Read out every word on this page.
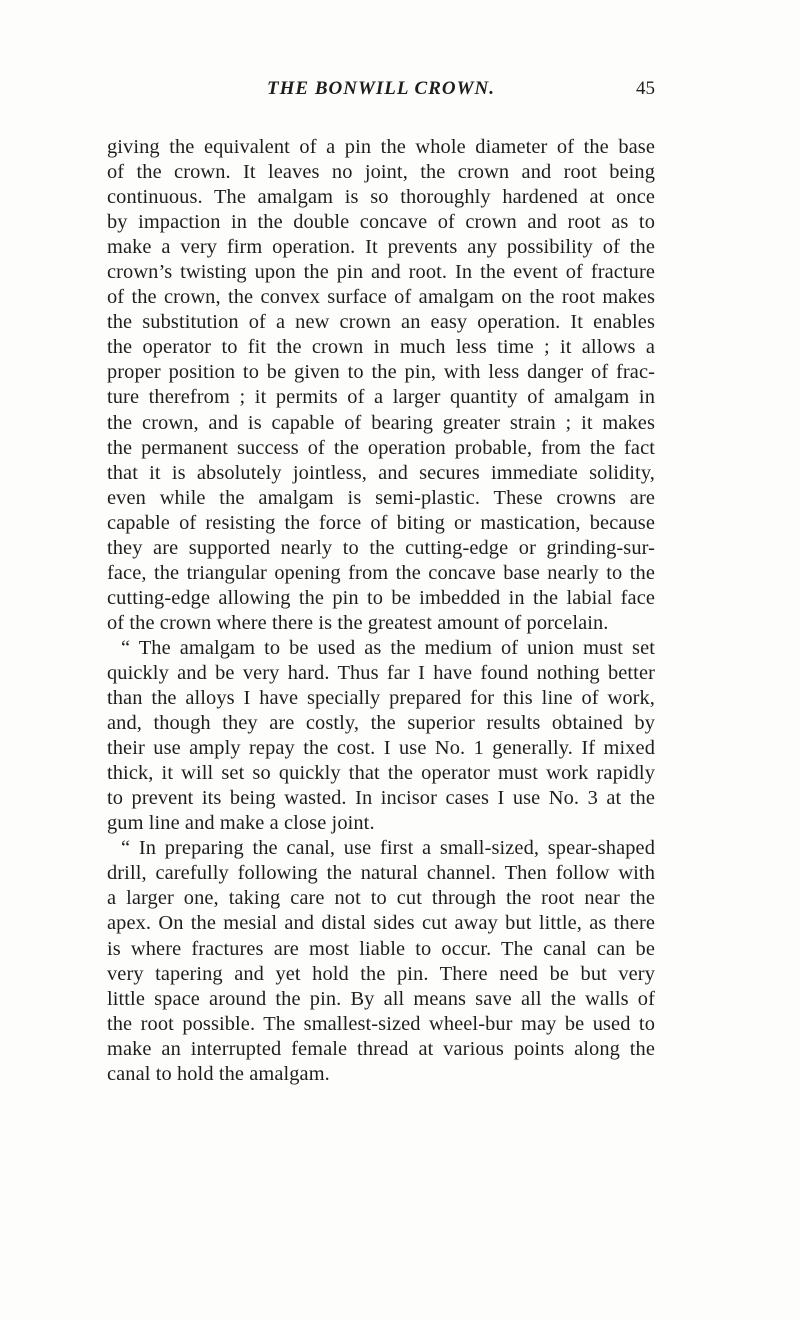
THE BONWILL CROWN.	45
giving the equivalent of a pin the whole diameter of the base
of the crown. It leaves no joint, the crown and root being
continuous. The amalgam is so thoroughly hardened at once
by impaction in the double concave of crown and root as to
make a very firm operation. It prevents any possibility of the
crown’s twisting upon the pin and root. In the event of fracture
of the crown, the convex surface of amalgam on the root makes
the substitution of a new crown an easy operation. It enables
the operator to fit the crown in much less time ; it allows a
proper position to be given to the pin, with less danger of frac-
ture therefrom ; it permits of a larger quantity of amalgam in
the crown, and is capable of bearing greater strain ; it makes
the permanent success of the operation probable, from the fact
that it is absolutely jointless, and secures immediate solidity,
even while the amalgam is semi-plastic. These crowns are
capable of resisting the force of biting or mastication, because
they are supported nearly to the cutting-edge or grinding-sur-
face, the triangular opening from the concave base nearly to the
cutting-edge allowing the pin to be imbedded in the labial face
of the crown where there is the greatest amount of porcelain.
“ The amalgam to be used as the medium of union must set
quickly and be very hard. Thus far I have found nothing better
than the alloys I have specially prepared for this line of work,
and, though they are costly, the superior results obtained by
their use amply repay the cost. I use No. 1 generally. If mixed
thick, it will set so quickly that the operator must work rapidly
to prevent its being wasted. In incisor cases I use No. 3 at the
gum line and make a close joint.
“ In preparing the canal, use first a small-sized, spear-shaped
drill, carefully following the natural channel. Then follow with
a larger one, taking care not to cut through the root near the
apex. On the mesial and distal sides cut away but little, as there
is where fractures are most liable to occur. The canal can be
very tapering and yet hold the pin. There need be but very
little space around the pin. By all means save all the walls of
the root possible. The smallest-sized wheel-bur may be used to
make an interrupted female thread at various points along the
canal to hold the amalgam.
